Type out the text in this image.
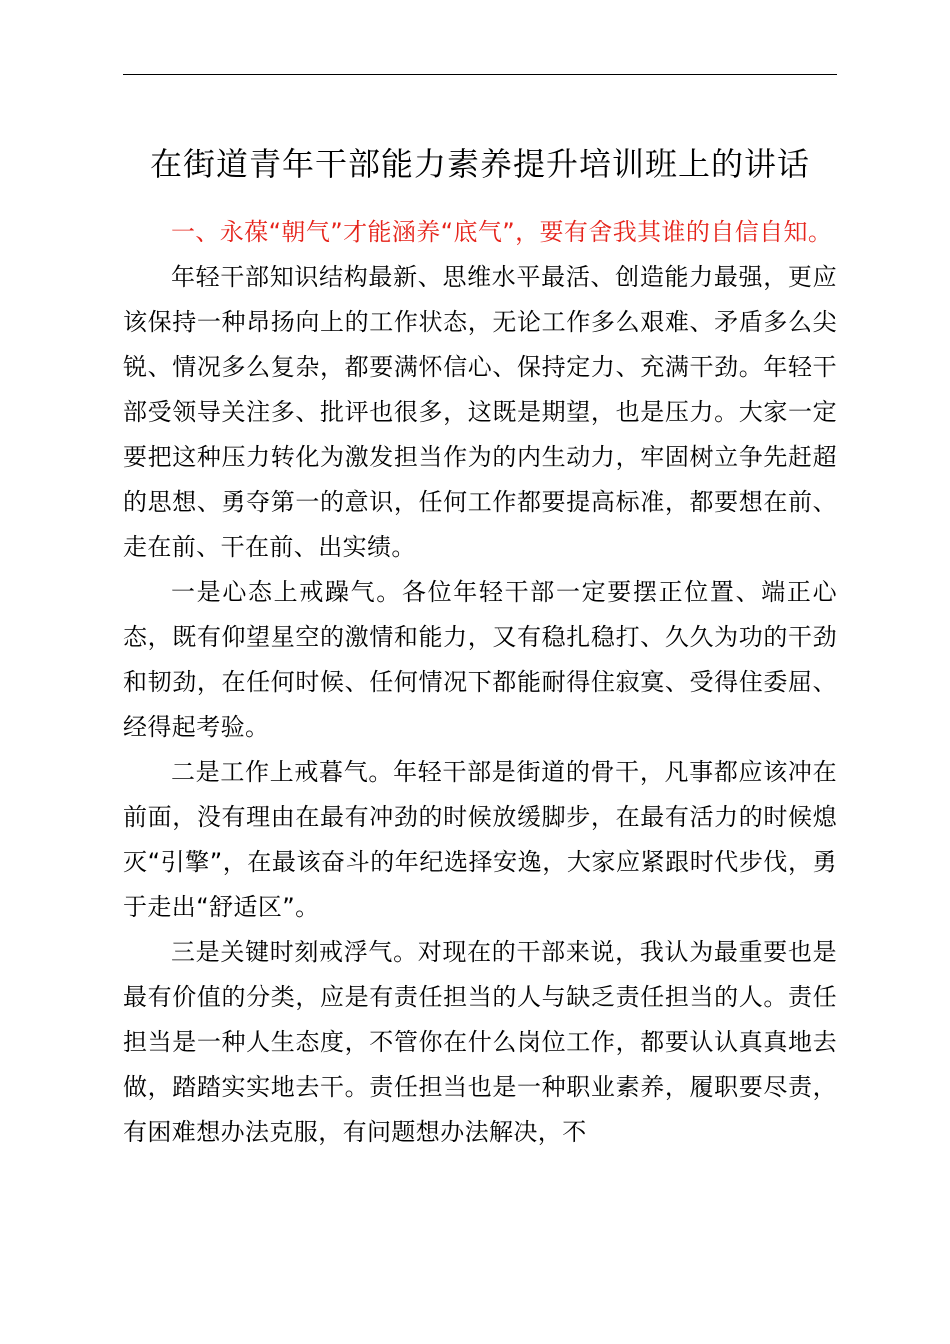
在街道青年干部能力素养提升培训班上的讲话

一、永葆“朝气”才能涵养“底气”，要有舍我其谁的自信自知。

年轻干部知识结构最新、思维水平最活、创造能力最强，更应该保持一种昂扬向上的工作状态，无论工作多么艰难、矛盾多么尖锐、情况多么复杂，都要满怀信心、保持定力、充满干劲。年轻干部受领导关注多、批评也很多，这既是期望，也是压力。大家一定要把这种压力转化为激发担当作为的内生动力，牢固树立争先赶超的思想、勇夺第一的意识，任何工作都要提高标准，都要想在前、走在前、干在前、出实绩。

一是心态上戒躁气。各位年轻干部一定要摆正位置、端正心态，既有仰望星空的激情和能力，又有稳扎稳打、久久为功的干劲和韧劲，在任何时候、任何情况下都能耐得住寂寞、受得住委屈、经得起考验。

二是工作上戒暮气。年轻干部是街道的骨干，凡事都应该冲在前面，没有理由在最有冲劲的时候放缓脚步，在最有活力的时候熄灭“引擎”，在最该奋斗的年纪选择安逸，大家应紧跟时代步伐，勇于走出“舒适区”。

三是关键时刻戒浮气。对现在的干部来说，我认为最重要也是最有价值的分类，应是有责任担当的人与缺乏责任担当的人。责任担当是一种人生态度，不管你在什么岗位工作，都要认认真真地去做，踏踏实实地去干。责任担当也是一种职业素养，履职要尽责，有困难想办法克服，有问题想办法解决，不
